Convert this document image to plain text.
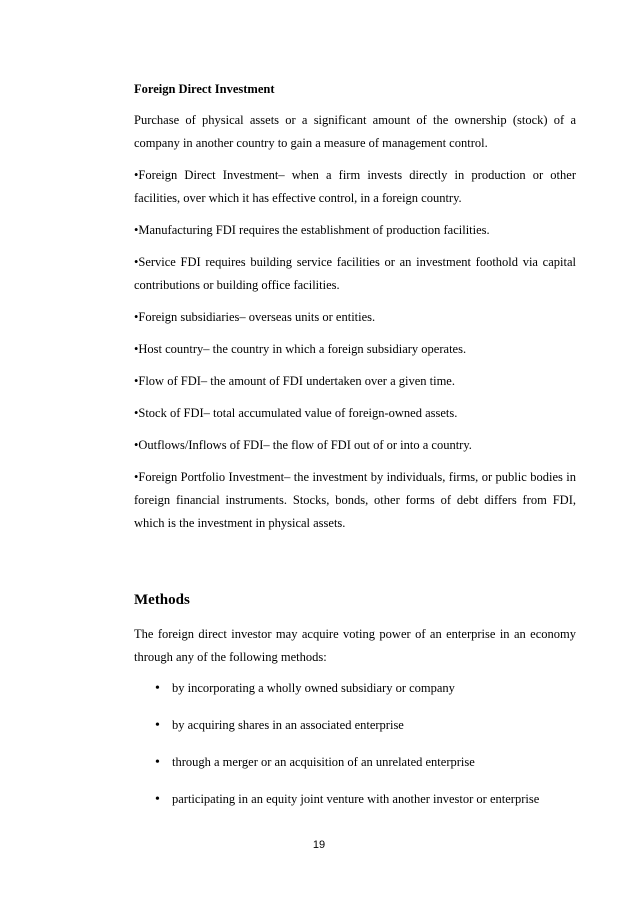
Foreign Direct Investment

Purchase of physical assets or a significant amount of the ownership (stock) of a company in another country to gain a measure of management control.

•Foreign Direct Investment– when a firm invests directly in production or other facilities, over which it has effective control, in a foreign country.

•Manufacturing FDI requires the establishment of production facilities.

•Service FDI requires building service facilities or an investment foothold via capital contributions or building office facilities.

•Foreign subsidiaries– overseas units or entities.

•Host country– the country in which a foreign subsidiary operates.

•Flow of FDI– the amount of FDI undertaken over a given time.

•Stock of FDI– total accumulated value of foreign-owned assets.

•Outflows/Inflows of FDI– the flow of FDI out of or into a country.

•Foreign Portfolio Investment– the investment by individuals, firms, or public bodies in foreign financial instruments. Stocks, bonds, other forms of debt differs from FDI, which is the investment in physical assets.

Methods

The foreign direct investor may acquire voting power of an enterprise in an economy through any of the following methods:

• by incorporating a wholly owned subsidiary or company
• by acquiring shares in an associated enterprise
• through a merger or an acquisition of an unrelated enterprise
• participating in an equity joint venture with another investor or enterprise
19
